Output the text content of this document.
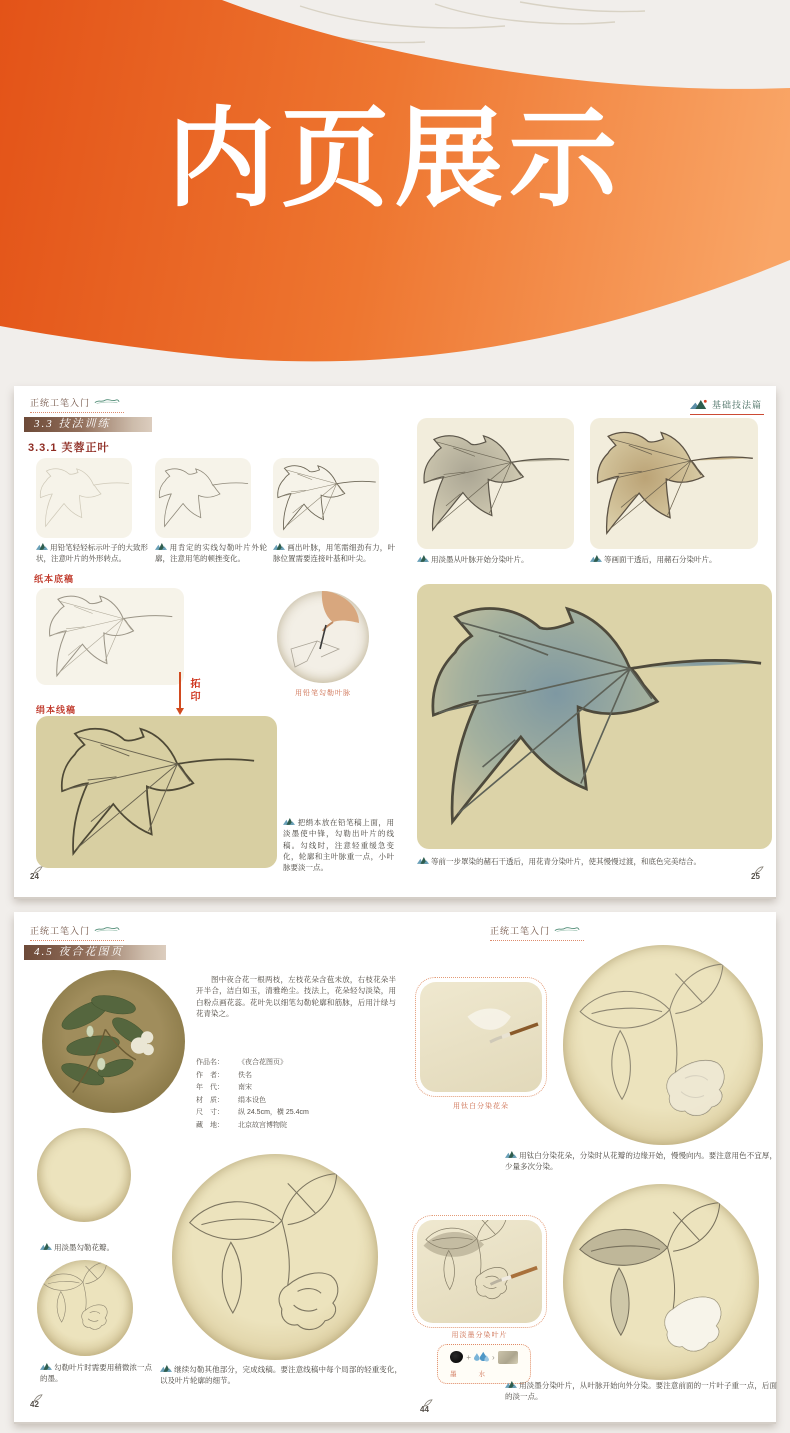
内页展示
正统工笔入门
3.3 技法训练
3.3.1 芙蓉正叶
用铅笔轻轻标示叶子的大致形状，注意叶片的外形转点。
用肯定的实线勾勒叶片外轮廓，注意用笔的顿挫变化。
画出叶脉，用笔需细劲有力，叶脉位置需要连接叶基和叶尖。
纸本底稿
用铅笔勾勒叶脉
拓印
绢本线稿
把绢本放在铅笔稿上面，用淡墨使中锋，勾勒出叶片的线稿。勾线时，注意轻重缓急变化，轮廓和主叶脉重一点，小叶脉要淡一点。
24
基础技法篇
用淡墨从叶脉开始分染叶片。	等画面干透后，用赭石分染叶片。
等前一步罩染的赭石干透后，用花青分染叶片，使其慢慢过渡，和底色完美结合。
25
正统工笔入门
4.5 夜合花图页
图中夜合花一根两枝，左枝花朵含苞未放，右枝花朵半开半合，洁白如玉，清雅绝尘。技法上，花朵轻勾淡染，用白粉点画花蕊。花叶先以细笔勾勒轮廓和筋脉，后用汁绿与花青染之。
作品名：	《夜合花图页》
作　者：	佚名
年　代：	南宋
材　质：	绢本设色
尺　寸：	纵 24.5cm，横 25.4cm
藏　地：	北京故宫博物院
用淡墨勾勒花瓣。
勾勒叶片时需要用稍微浓一点的墨。
继续勾勒其他部分，完成线稿。要注意线稿中每个局部的轻重变化，以及叶片轮廓的细节。
42
正统工笔入门
用钛白分染花朵
用钛白分染花朵，分染时从花瓣的边缘开始，慢慢向内。要注意用色不宜厚，少量多次分染。
用淡墨分染叶片
+	›
墨	水
用淡墨分染叶片，从叶脉开始向外分染。要注意前面的一片叶子重一点，后面的淡一点。
44
